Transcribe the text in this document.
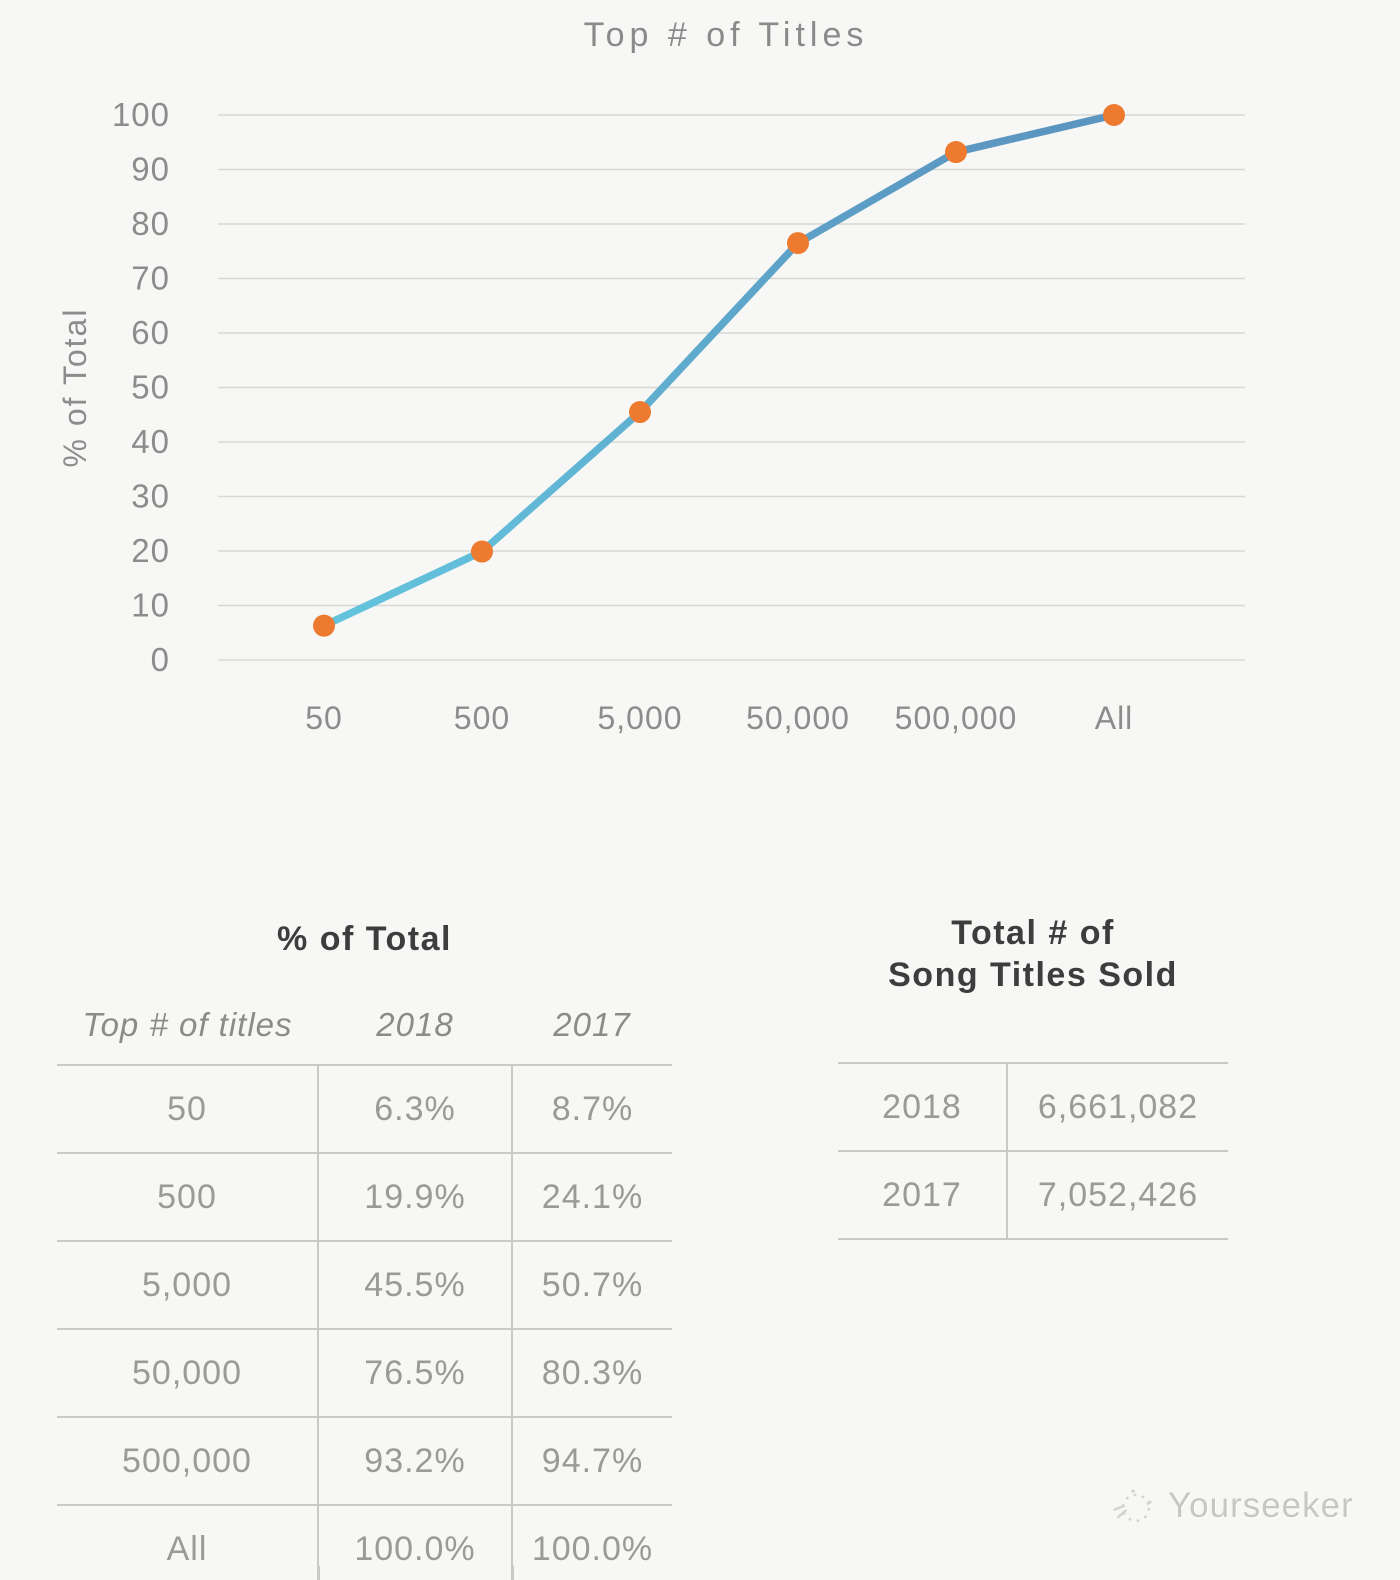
Top # of Titles
0
10
20
30
40
50
60
70
80
90
100
% of Total
50	500	5,000 50,000 500,000 All
% of Total
Top # of titles	2018	2017
50	6.3%	8.7%
500	19.9%	24.1%
5,000	45.5%	50.7%
50,000	76.5%	80.3%
500,000	93.2%	94.7%
All	100.0%	100.0%
Total # of
Song Titles Sold
2018	6,661,082
2017	7,052,426
Yourseeker
